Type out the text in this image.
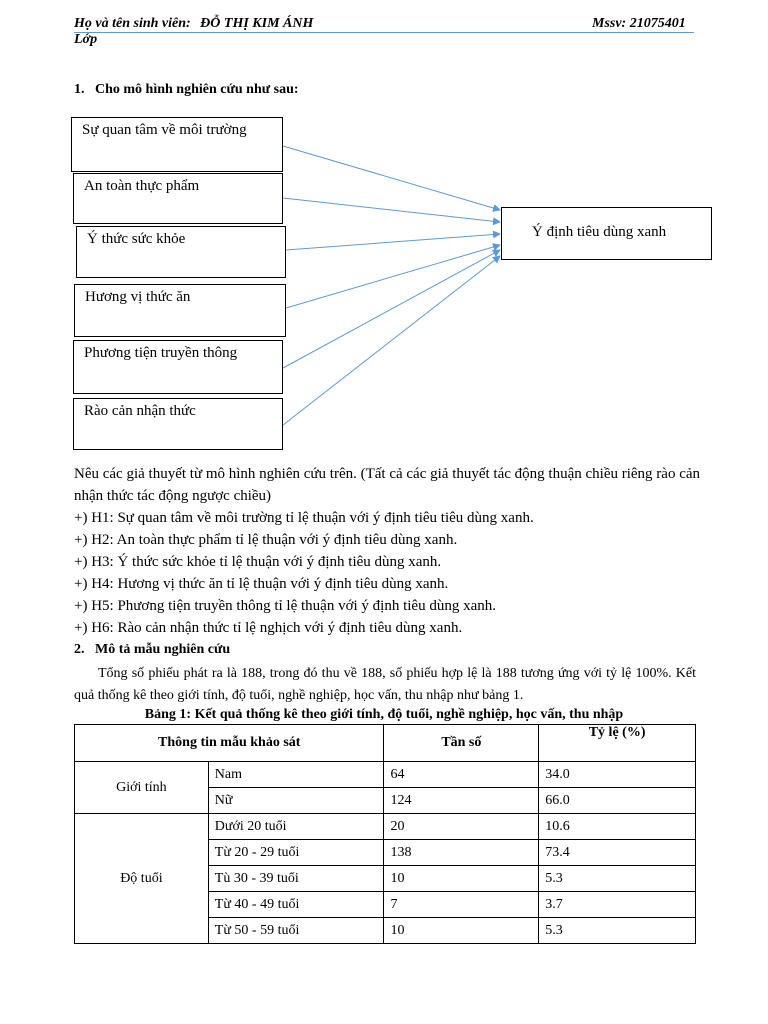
Họ và tên sinh viên: ĐỖ THỊ KIM ÁNH	Mssv: 21075401
Lớp
1.   Cho mô hình nghiên cứu như sau:
Sự quan tâm về môi trường
An toàn thực phẩm
Ý thức sức khỏe
Hương vị thức ăn
Phương tiện truyền thông
Rào cản nhận thức
Ý định tiêu dùng xanh
Nêu các giả thuyết từ mô hình nghiên cứu trên. (Tất cả các giả thuyết tác động thuận chiều riêng rào cản nhận thức tác động ngược chiều)
+) H1: Sự quan tâm về môi trường tỉ lệ thuận với ý định tiêu tiêu dùng xanh.
+) H2: An toàn thực phẩm tỉ lệ thuận với ý định tiêu dùng xanh.
+) H3: Ý thức sức khỏe tỉ lệ thuận với ý định tiêu dùng xanh.
+) H4: Hương vị thức ăn tỉ lệ thuận với ý định tiêu dùng xanh.
+) H5: Phương tiện truyền thông tỉ lệ thuận với ý định tiêu dùng xanh.
+) H6: Rào cản nhận thức tỉ lệ nghịch với ý định tiêu dùng xanh.
2.   Mô tả mẫu nghiên cứu
Tổng số phiếu phát ra là 188, trong đó thu về 188, số phiếu hợp lệ là 188 tương ứng với tỷ lệ 100%. Kết quả thống kê theo giới tính, độ tuổi, nghề nghiệp, học vấn, thu nhập như bảng 1.
Bảng 1: Kết quả thống kê theo giới tính, độ tuổi, nghề nghiệp, học vấn, thu nhập
Thông tin mẫu khảo sát		Tần số	Tỷ lệ (%)
Giới tính	Nam	64	34.0
	Nữ	124	66.0
Độ tuổi	Dưới 20 tuổi	20	10.6
	Từ 20 - 29 tuổi	138	73.4
	Tù 30 - 39 tuổi	10	5.3
	Từ 40 - 49 tuổi	7	3.7
	Từ 50 - 59 tuổi	10	5.3
